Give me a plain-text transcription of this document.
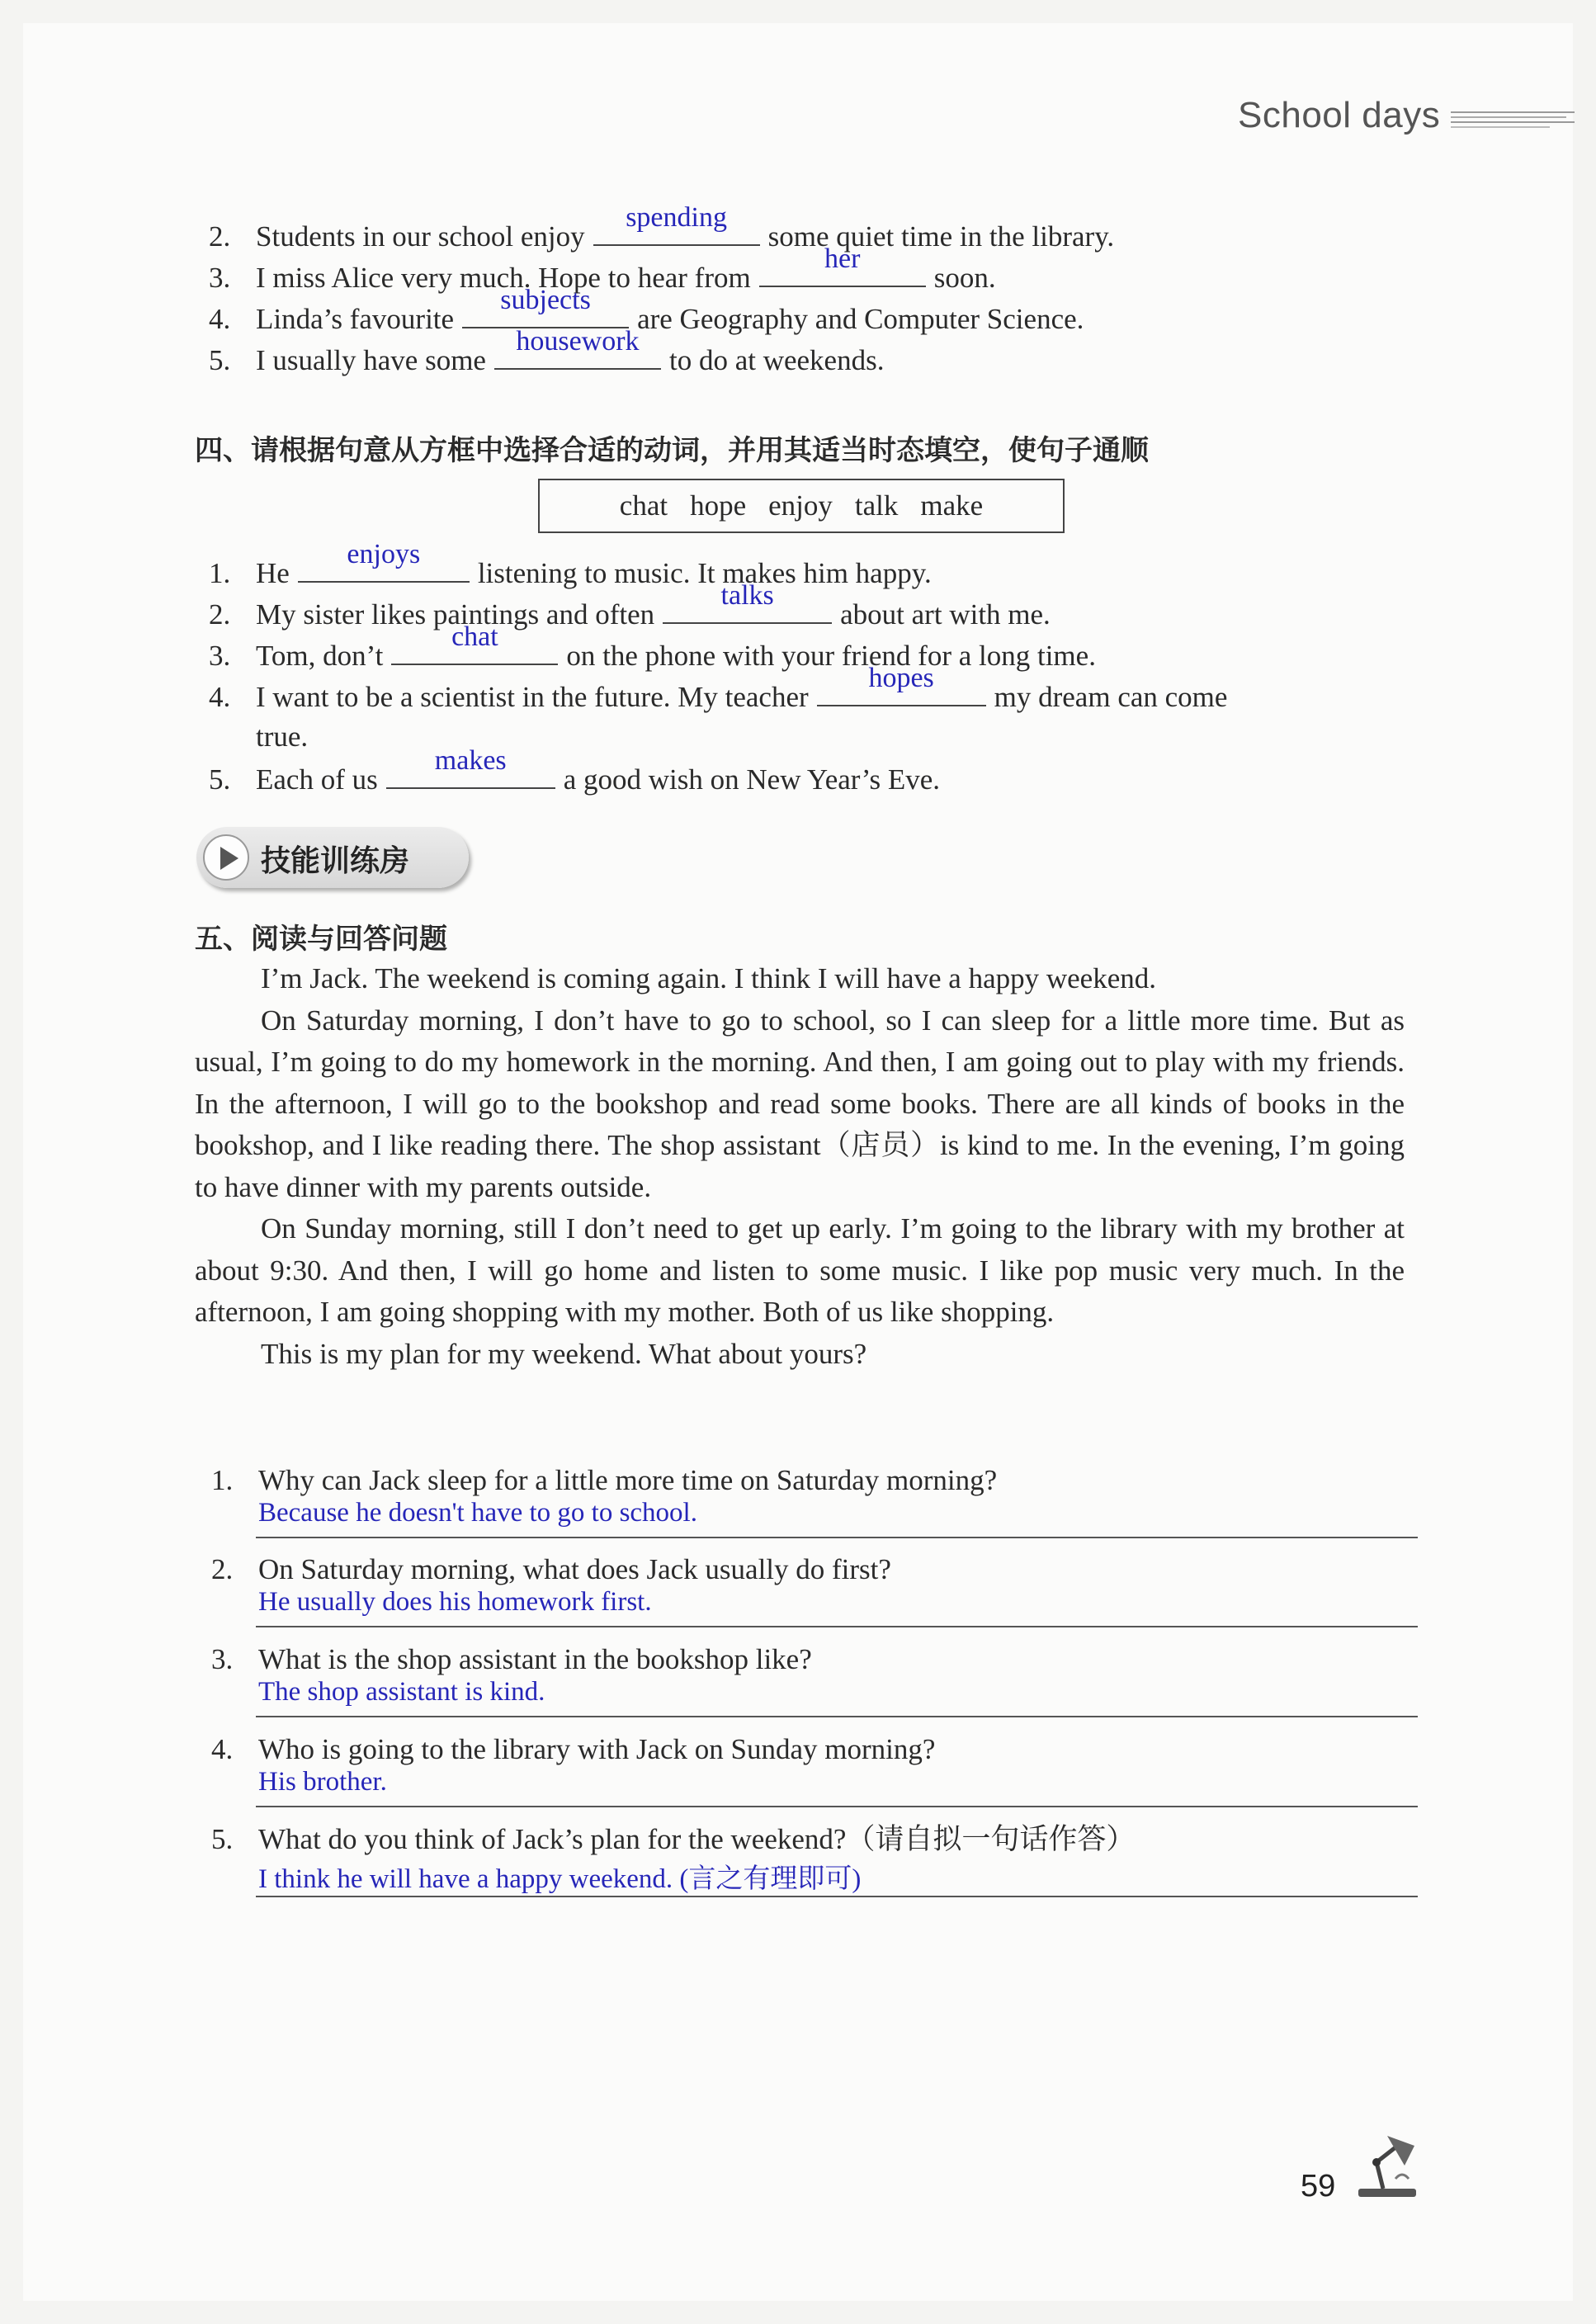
School days
2. Students in our school enjoy
spending
some quiet time in the library.
3. I miss Alice very much. Hope to hear from
her
soon.
4. Linda’s favourite
subjects
are Geography and Computer Science.
5. I usually have some
housework
to do at weekends.
四、请根据句意从方框中选择合适的动词，并用其适当时态填空，使句子通顺
chat hope enjoy talk make
1. He
enjoys
listening to music. It makes him happy.
2. My sister likes paintings and often
talks
about art with me.
3. Tom, don’t
chat
on the phone with your friend for a long time.
4. I want to be a scientist in the future. My teacher
hopes
my dream can come
true.
5. Each of us
makes
a good wish on New Year’s Eve.
技能训练房
五、阅读与回答问题

I’m Jack. The weekend is coming again. I think I will have a happy weekend.

On Saturday morning, I don’t have to go to school, so I can sleep for a little more time. But as usual, I’m going to do my homework in the morning. And then, I am going out to play with my friends. In the afternoon, I will go to the bookshop and read some books. There are all kinds of books in the bookshop, and I like reading there. The shop assistant（店员）is kind to me. In the evening, I’m going to have dinner with my parents outside.

On Sunday morning, still I don’t need to get up early. I’m going to the library with my brother at about 9:30. And then, I will go home and listen to some music. I like pop music very much. In the afternoon, I am going shopping with my mother. Both of us like shopping.

This is my plan for my weekend. What about yours?

1. Why can Jack sleep for a little more time on Saturday morning?
Because he doesn't have to go to school.
2. On Saturday morning, what does Jack usually do first?
He usually does his homework first.
3. What is the shop assistant in the bookshop like?
The shop assistant is kind.
4. Who is going to the library with Jack on Sunday morning?
His brother.
5. What do you think of Jack’s plan for the weekend?（请自拟一句话作答）
I think he will have a happy weekend. (言之有理即可)
59
